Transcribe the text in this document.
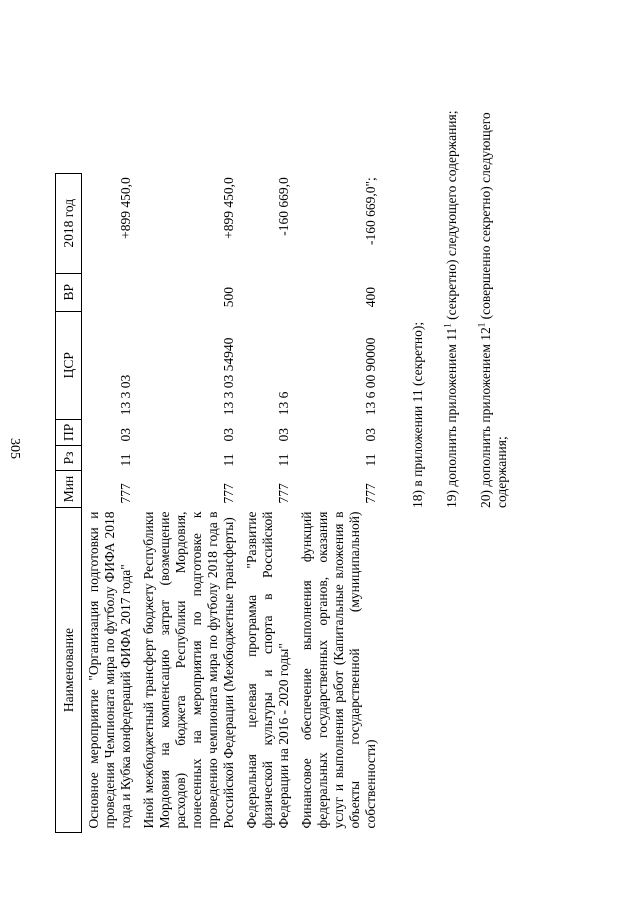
305
Наименование	Мин	Рз	ПР	ЦСР	ВР	2018 год
Основное мероприятие "Организация подготовки и проведения Чемпионата мира по футболу ФИФА 2018 года и Кубка конфедераций ФИФА 2017 года"	777	11	03	13 3 03		+899 450,0
Иной межбюджетный трансферт бюджету Республики Мордовия на компенсацию затрат (возмещение расходов) бюджета Республики Мордовия, понесенных на мероприятия по подготовке к проведению чемпионата мира по футболу 2018 года в Российской Федерации (Межбюджетные трансферты)	777	11	03	13 3 03 54940	500	+899 450,0
Федеральная целевая программа "Развитие физической культуры и спорта в Российской Федерации на 2016 - 2020 годы"	777	11	03	13 6		-160 669,0
Финансовое обеспечение выполнения функций федеральных государственных органов, оказания услуг и выполнения работ (Капитальные вложения в объекты государственной (муниципальной) собственности)	777	11	03	13 6 00 90000	400	-160 669,0";
18) в приложении 11 (секретно); 19) дополнить приложением $11^1$ (секретно) следующего содержания;
20) дополнить приложением $12^1$ (совершенно секретно) следующего содержания;
